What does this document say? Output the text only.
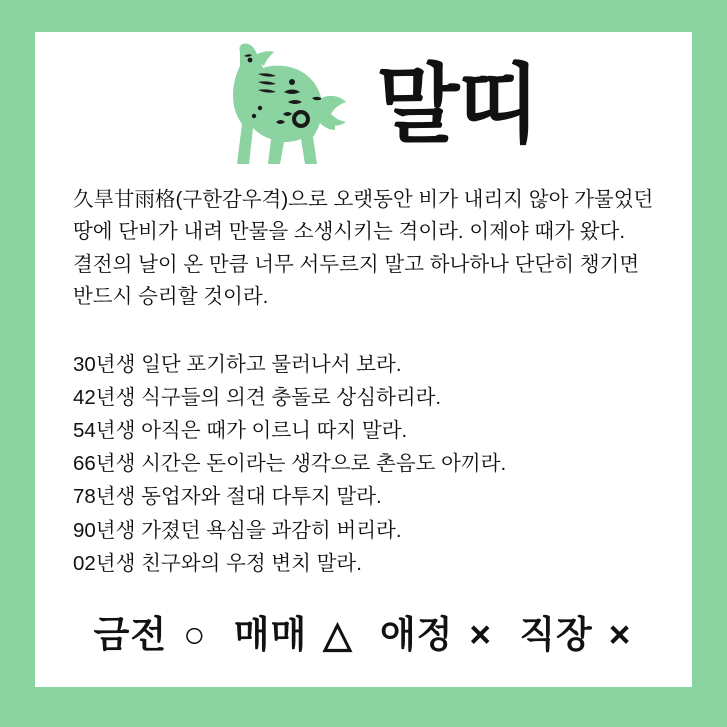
말띠
久旱甘雨格(구한감우격)으로 오랫동안 비가 내리지 않아 가물었던
땅에 단비가 내려 만물을 소생시키는 격이라. 이제야 때가 왔다.
결전의 날이 온 만큼 너무 서두르지 말고 하나하나 단단히 챙기면
반드시 승리할 것이라.
30년생 일단 포기하고 물러나서 보라.
42년생 식구들의 의견 충돌로 상심하리라.
54년생 아직은 때가 이르니 따지 말라.
66년생 시간은 돈이라는 생각으로 촌음도 아끼라.
78년생 동업자와 절대 다투지 말라.
90년생 가졌던 욕심을 과감히 버리라.
02년생 친구와의 우정 변치 말라.
금전 ○ 매매 △ 애정 × 직장 ×
